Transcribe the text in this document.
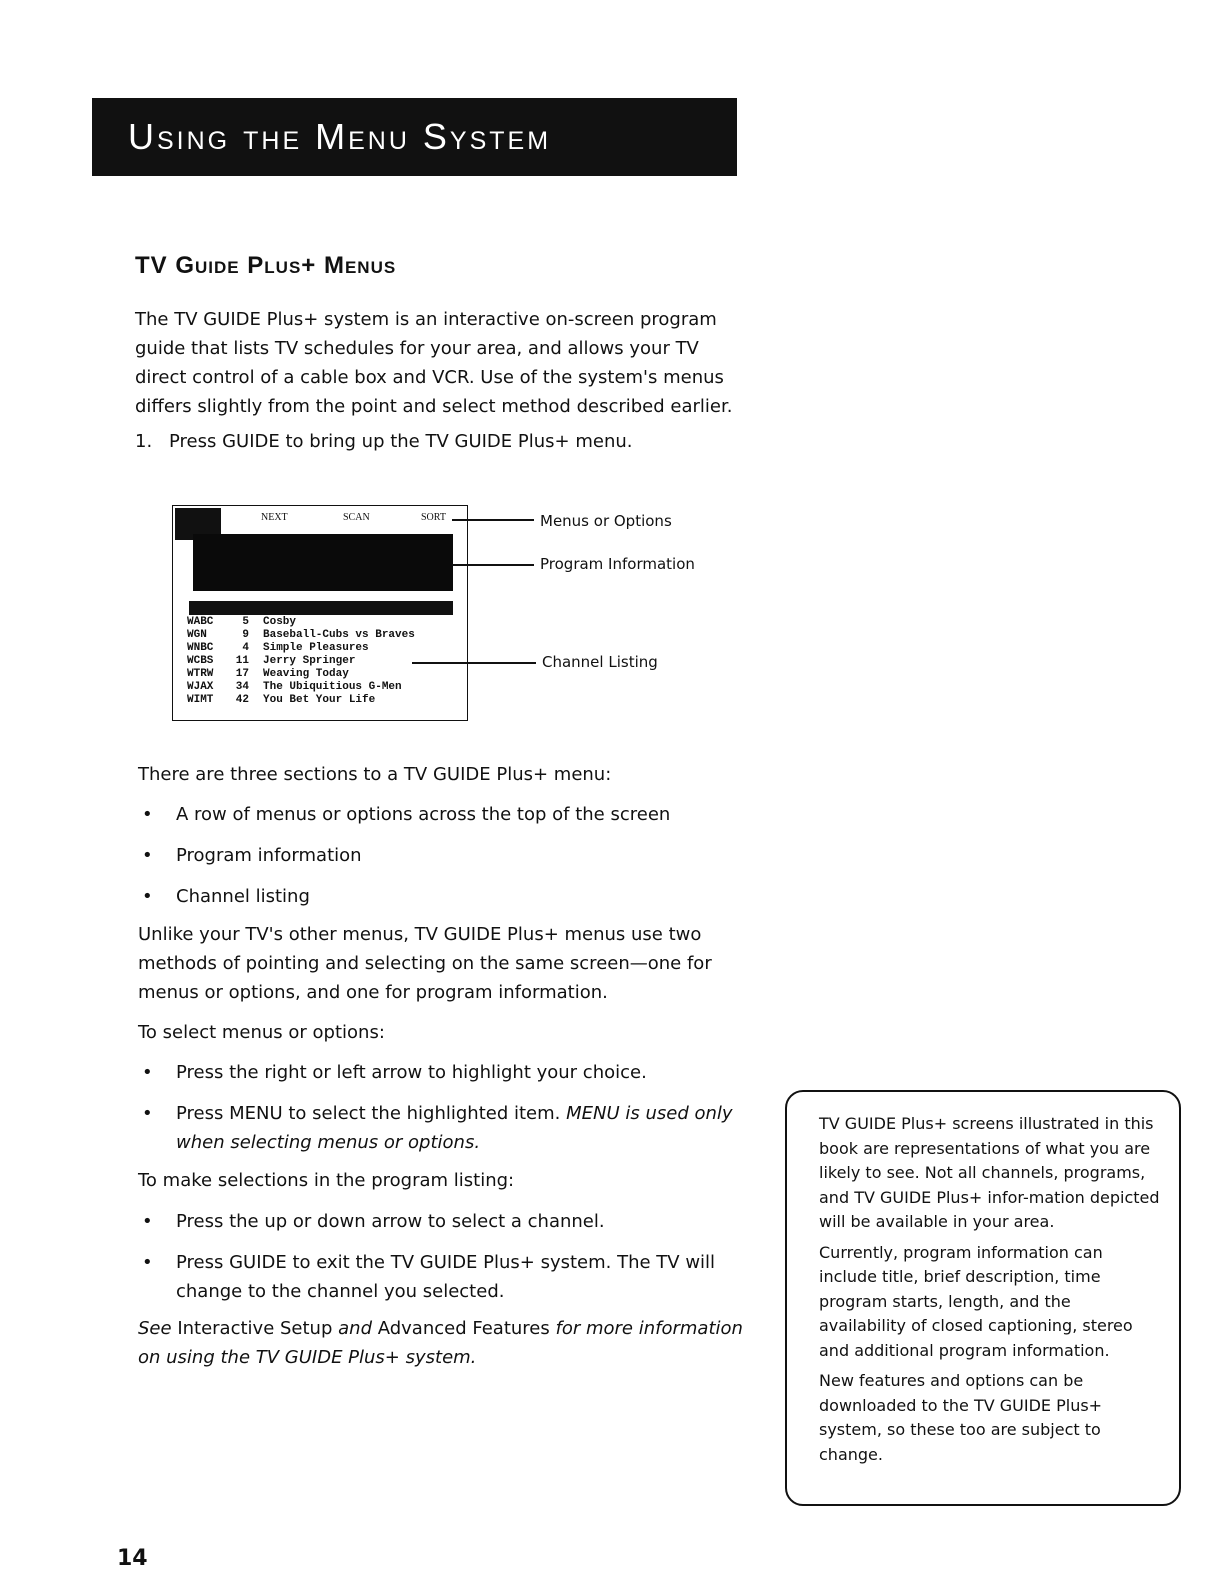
Using the Menu System
TV Guide Plus+ Menus
The TV GUIDE Plus+ system is an interactive on-screen program guide that lists TV schedules for your area, and allows your TV direct control of a cable box and VCR. Use of the system's menus differs slightly from the point and select method described earlier.
1. Press GUIDE to bring up the TV GUIDE Plus+ menu.
NEXT	SCAN	SORT
WABC	5 Cosby
WGN	9 Baseball-Cubs vs Braves
WNBC	4 Simple Pleasures
WCBS 11 Jerry Springer
WTRW 17 Weaving Today
WJAX 34 The Ubiquitious G-Men
WIMT 42 You Bet Your Life
Menus or Options
Program Information
Channel Listing
There are three sections to a TV GUIDE Plus+ menu:
• A row of menus or options across the top of the screen
• Program information
• Channel listing
Unlike your TV's other menus, TV GUIDE Plus+ menus use two methods of pointing and selecting on the same screen—one for menus or options, and one for program information.
To select menus or options:
• Press the right or left arrow to highlight your choice.
• Press MENU to select the highlighted item. MENU is used only when selecting menus or options.
To make selections in the program listing:
• Press the up or down arrow to select a channel.
• Press GUIDE to exit the TV GUIDE Plus+ system. The TV will change to the channel you selected.
See Interactive Setup and Advanced Features for more information on using the TV GUIDE Plus+ system.

TV GUIDE Plus+ screens illustrated in this book are representations of what you are likely to see. Not all channels, programs, and TV GUIDE Plus+ infor-mation depicted will be available in your area.

Currently, program information can include title, brief description, time program starts, length, and the availability of closed captioning, stereo and additional program information.

New features and options can be downloaded to the TV GUIDE Plus+ system, so these too are subject to change.

14
